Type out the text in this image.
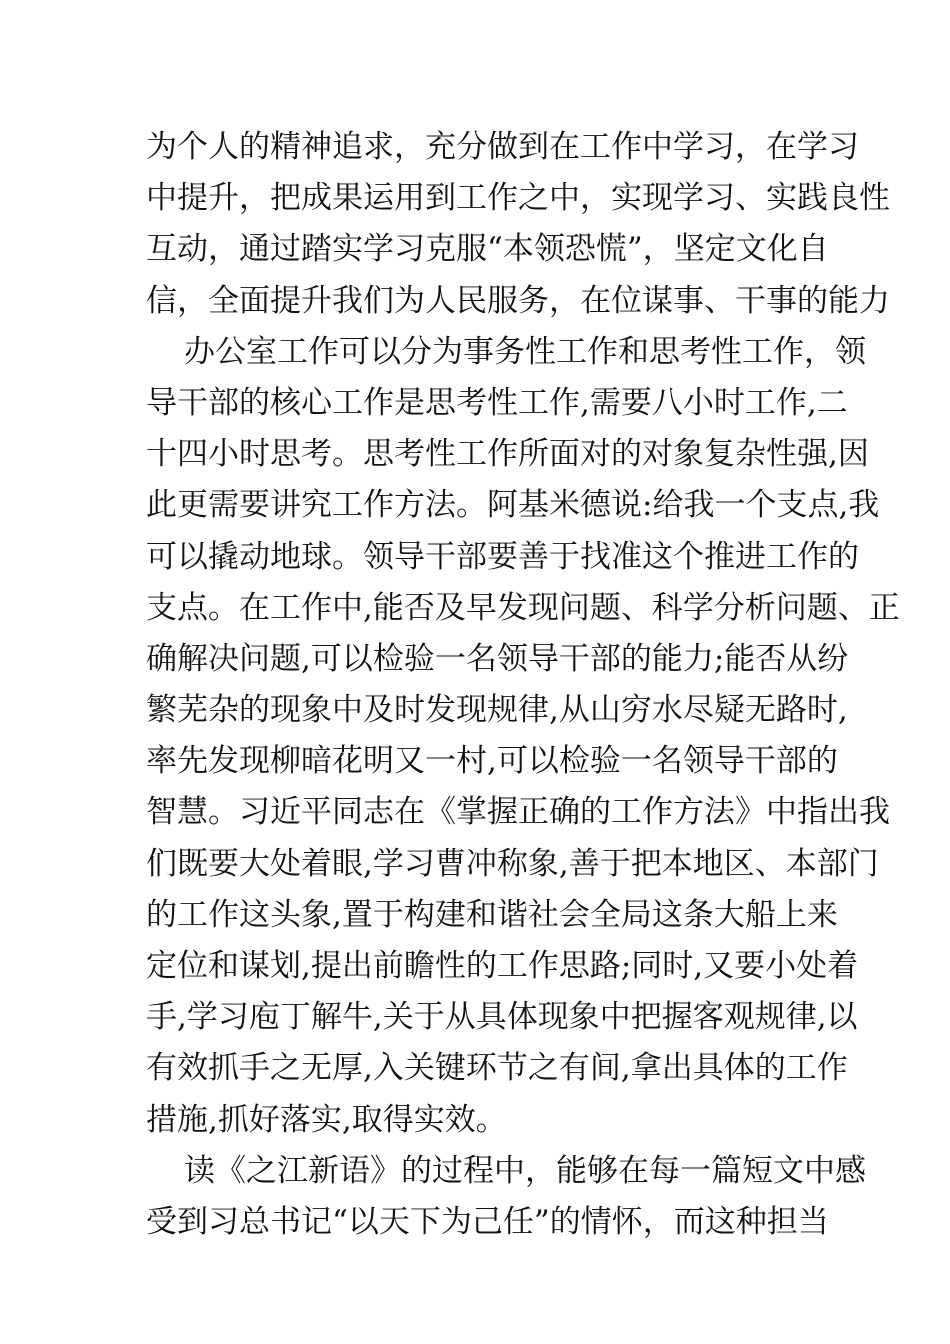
为个人的精神追求，充分做到在工作中学习，在学习
中提升，把成果运用到工作之中，实现学习、实践良性
互动，通过踏实学习克服“本领恐慌”，坚定文化自
信，全面提升我们为人民服务，在位谋事、干事的能力
办公室工作可以分为事务性工作和思考性工作，领
导干部的核心工作是思考性工作,需要八小时工作,二
十四小时思考。思考性工作所面对的对象复杂性强,因
此更需要讲究工作方法。阿基米德说:给我一个支点,我
可以撬动地球。领导干部要善于找准这个推进工作的
支点。在工作中,能否及早发现问题、科学分析问题、正
确解决问题,可以检验一名领导干部的能力;能否从纷
繁芜杂的现象中及时发现规律,从山穷水尽疑无路时,
率先发现柳暗花明又一村,可以检验一名领导干部的
智慧。习近平同志在《掌握正确的工作方法》中指出我
们既要大处着眼,学习曹冲称象,善于把本地区、本部门
的工作这头象,置于构建和谐社会全局这条大船上来
定位和谋划,提出前瞻性的工作思路;同时,又要小处着
手,学习庖丁解牛,关于从具体现象中把握客观规律,以
有效抓手之无厚,入关键环节之有间,拿出具体的工作
措施,抓好落实,取得实效。
读《之江新语》的过程中，能够在每一篇短文中感
受到习总书记“以天下为己任”的情怀，而这种担当
